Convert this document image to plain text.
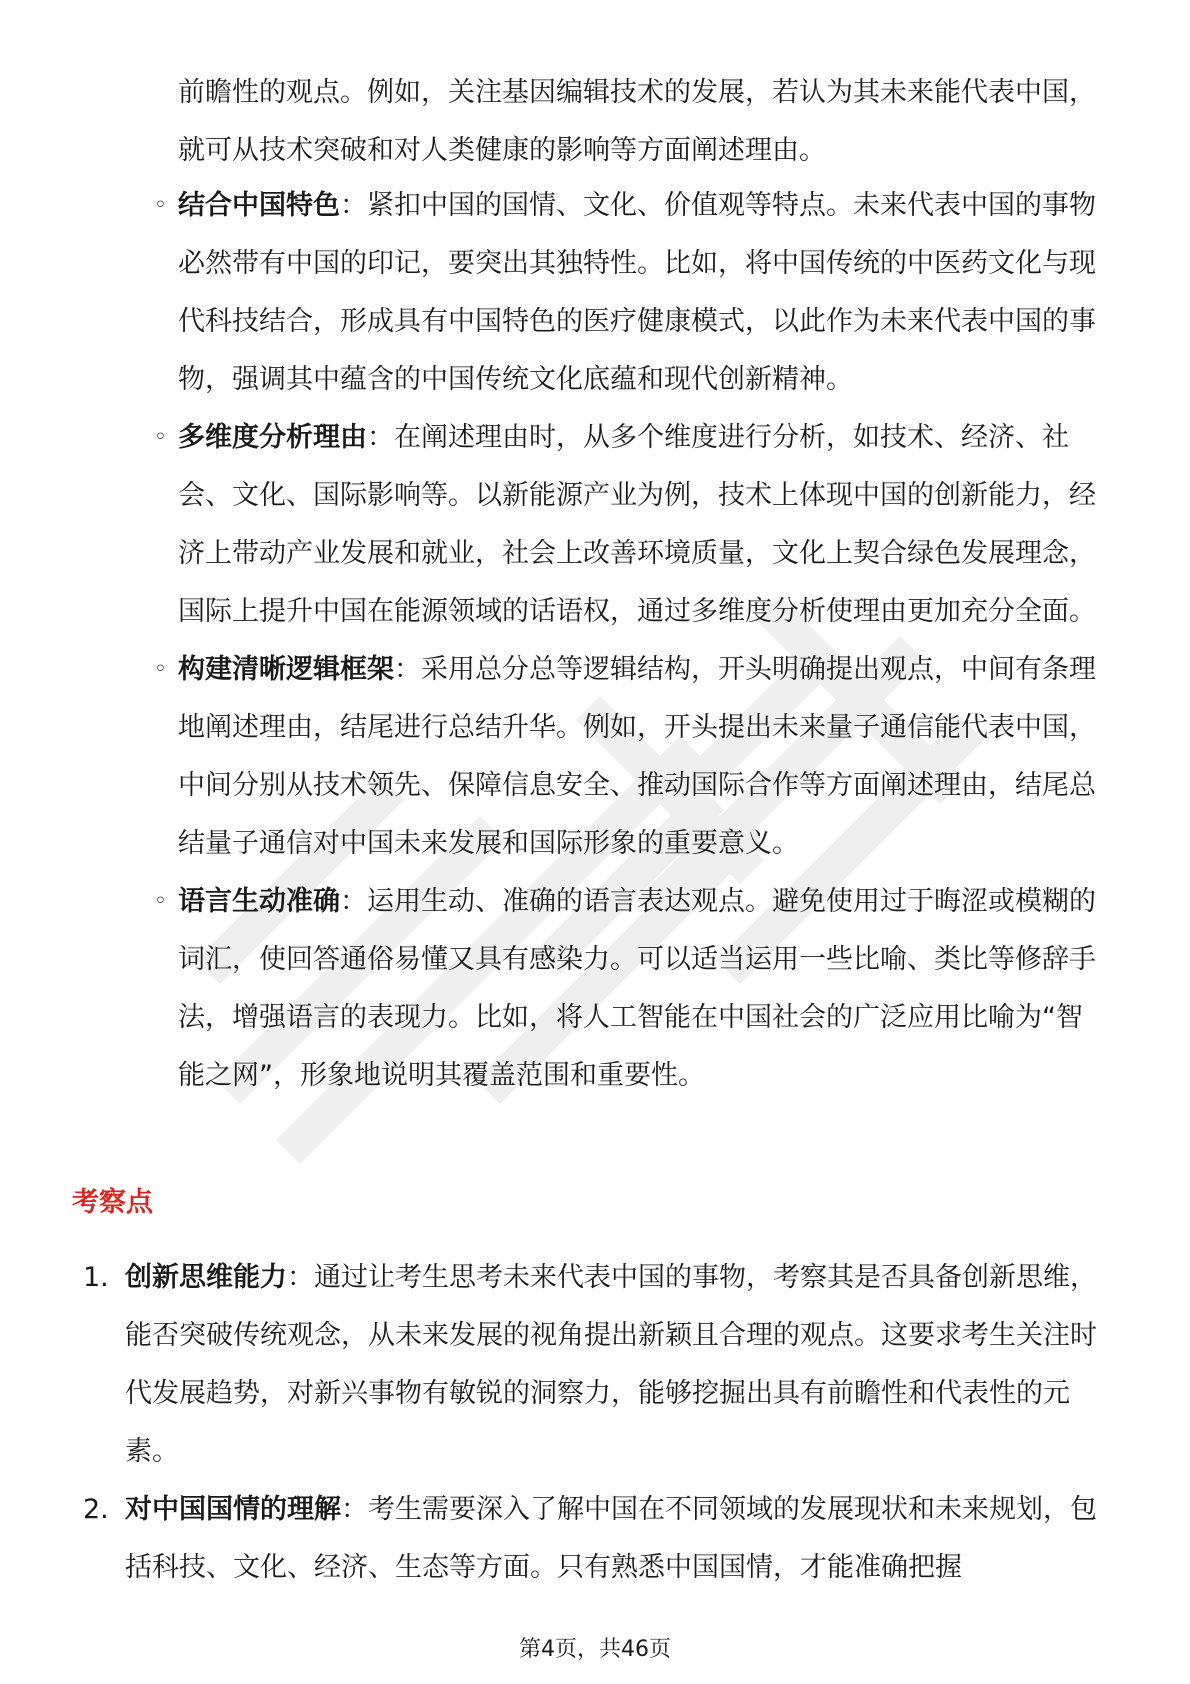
前瞻性的观点。例如，关注基因编辑技术的发展，若认为其未来能代表中国，就可从技术突破和对人类健康的影响等方面阐述理由。

◦ 结合中国特色：紧扣中国的国情、文化、价值观等特点。未来代表中国的事物必然带有中国的印记，要突出其独特性。比如，将中国传统的中医药文化与现代科技结合，形成具有中国特色的医疗健康模式，以此作为未来代表中国的事物，强调其中蕴含的中国传统文化底蕴和现代创新精神。
◦ 多维度分析理由：在阐述理由时，从多个维度进行分析，如技术、经济、社会、文化、国际影响等。以新能源产业为例，技术上体现中国的创新能力，经济上带动产业发展和就业，社会上改善环境质量，文化上契合绿色发展理念，国际上提升中国在能源领域的话语权，通过多维度分析使理由更加充分全面。
◦ 构建清晰逻辑框架：采用总分总等逻辑结构，开头明确提出观点，中间有条理地阐述理由，结尾进行总结升华。例如，开头提出未来量子通信能代表中国，中间分别从技术领先、保障信息安全、推动国际合作等方面阐述理由，结尾总结量子通信对中国未来发展和国际形象的重要意义。
◦ 语言生动准确：运用生动、准确的语言表达观点。避免使用过于晦涩或模糊的词汇，使回答通俗易懂又具有感染力。可以适当运用一些比喻、类比等修辞手法，增强语言的表现力。比如，将人工智能在中国社会的广泛应用比喻为“智能之网”，形象地说明其覆盖范围和重要性。
考察点
1. 创新思维能力：通过让考生思考未来代表中国的事物，考察其是否具备创新思维，能否突破传统观念，从未来发展的视角提出新颖且合理的观点。这要求考生关注时代发展趋势，对新兴事物有敏锐的洞察力，能够挖掘出具有前瞻性和代表性的元素。
2. 对中国国情的理解：考生需要深入了解中国在不同领域的发展现状和未来规划，包括科技、文化、经济、生态等方面。只有熟悉中国国情，才能准确把握
第4页，共46页
